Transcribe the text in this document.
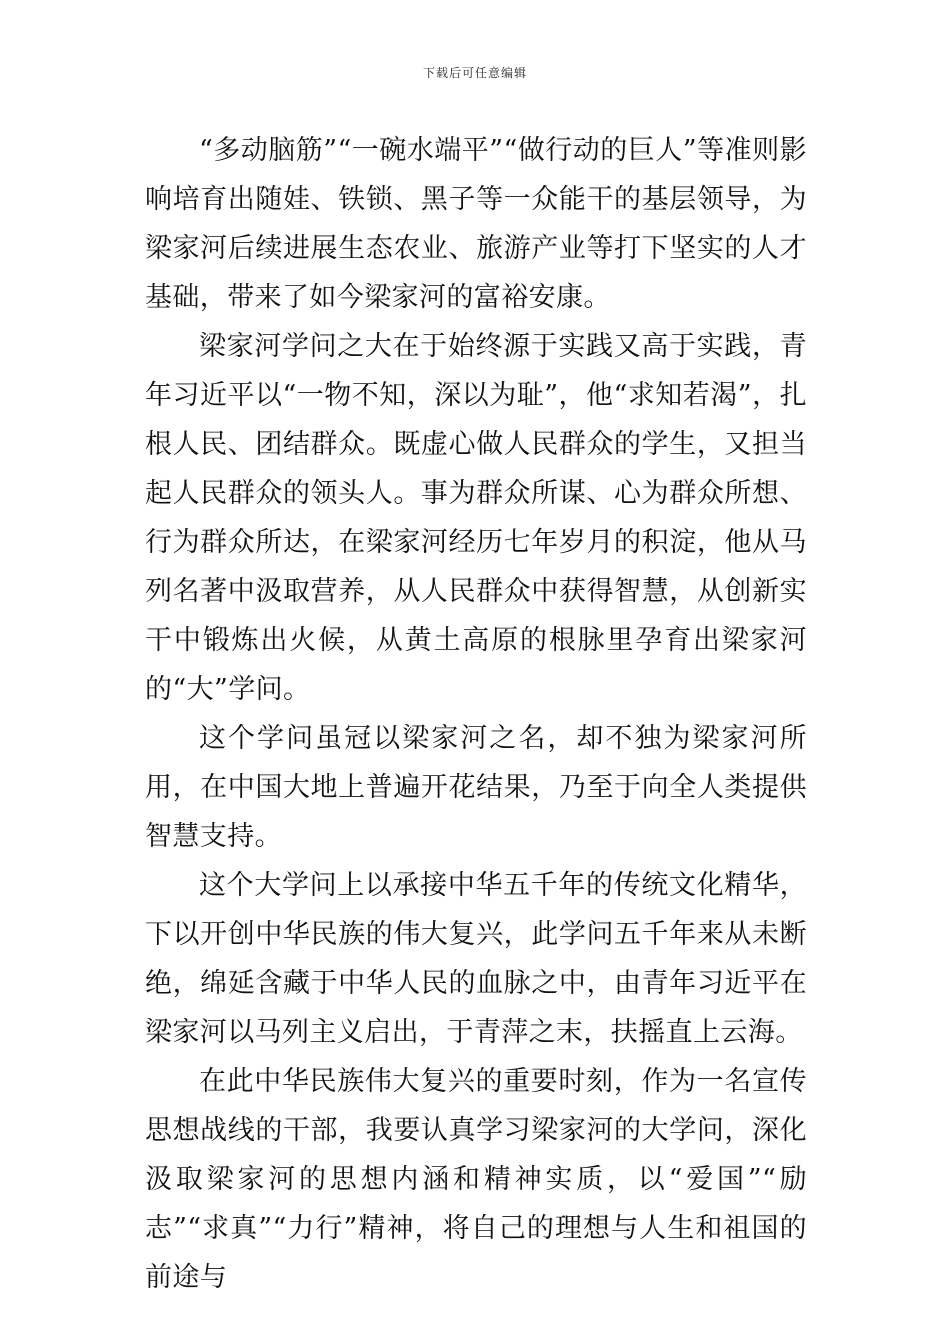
下载后可任意编辑

“多动脑筋”“一碗水端平”“做行动的巨人”等准则影响培育出随娃、铁锁、黑子等一众能干的基层领导，为梁家河后续进展生态农业、旅游产业等打下坚实的人才基础，带来了如今梁家河的富裕安康。

梁家河学问之大在于始终源于实践又高于实践，青年习近平以“一物不知，深以为耻”，他“求知若渴”，扎根人民、团结群众。既虚心做人民群众的学生，又担当起人民群众的领头人。事为群众所谋、心为群众所想、行为群众所达，在梁家河经历七年岁月的积淀，他从马列名著中汲取营养，从人民群众中获得智慧，从创新实干中锻炼出火候，从黄土高原的根脉里孕育出梁家河的“大”学问。

这个学问虽冠以梁家河之名，却不独为梁家河所用，在中国大地上普遍开花结果，乃至于向全人类提供智慧支持。

这个大学问上以承接中华五千年的传统文化精华，下以开创中华民族的伟大复兴，此学问五千年来从未断绝，绵延含藏于中华人民的血脉之中，由青年习近平在梁家河以马列主义启出，于青萍之末，扶摇直上云海。

在此中华民族伟大复兴的重要时刻，作为一名宣传思想战线的干部，我要认真学习梁家河的大学问，深化汲取梁家河的思想内涵和精神实质，以“爱国”“励志”“求真”“力行”精神，将自己的理想与人生和祖国的前途与
